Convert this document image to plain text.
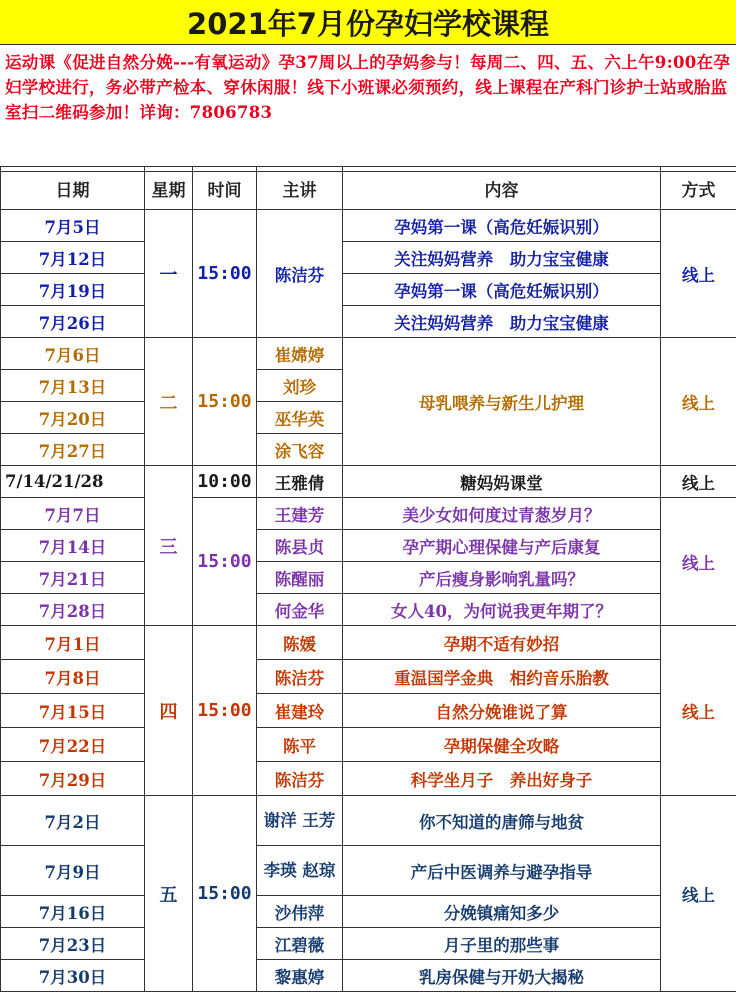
2021年7月份孕妇学校课程
运动课《促进自然分娩---有氧运动》孕37周以上的孕妈参与！每周二、四、五、六上午9:00在孕妇学校进行，务必带产检本、穿休闲服！线下小班课必须预约，线上课程在产科门诊护士站或胎监室扫二维码参加！详询：7806783
日期	星期	时间	主讲	内容	方式
7月5日	一	15:00	陈洁芬	孕妈第一课（高危妊娠识别）	线上
7月12日				关注妈妈营养　助力宝宝健康	
7月19日				孕妈第一课（高危妊娠识别）	
7月26日				关注妈妈营养　助力宝宝健康	
7月6日	二	15:00	崔嫦婷	母乳喂养与新生儿护理	线上
7月13日			刘珍		
7月20日			巫华英		
7月27日			涂飞容		
7/14/21/28	三	10:00	王雅倩	糖妈妈课堂	线上
7月7日		15:00	王建芳	美少女如何度过青葱岁月？	线上
7月14日			陈县贞	孕产期心理保健与产后康复	
7月21日			陈醒丽	产后瘦身影响乳量吗？	
7月28日			何金华	女人40，为何说我更年期了？	
7月1日	四	15:00	陈媛	孕期不适有妙招	线上
7月8日			陈洁芬	重温国学金典　相约音乐胎教	
7月15日			崔建玲	自然分娩谁说了算	
7月22日			陈平	孕期保健全攻略	
7月29日			陈洁芬	科学坐月子　养出好身子	
7月2日	五	15:00	谢洋 王芳	你不知道的唐筛与地贫	线上
7月9日			李瑛 赵琼	产后中医调养与避孕指导	
7月16日			沙伟萍	分娩镇痛知多少	
7月23日			江碧薇	月子里的那些事	
7月30日			黎惠婷	乳房保健与开奶大揭秘	
